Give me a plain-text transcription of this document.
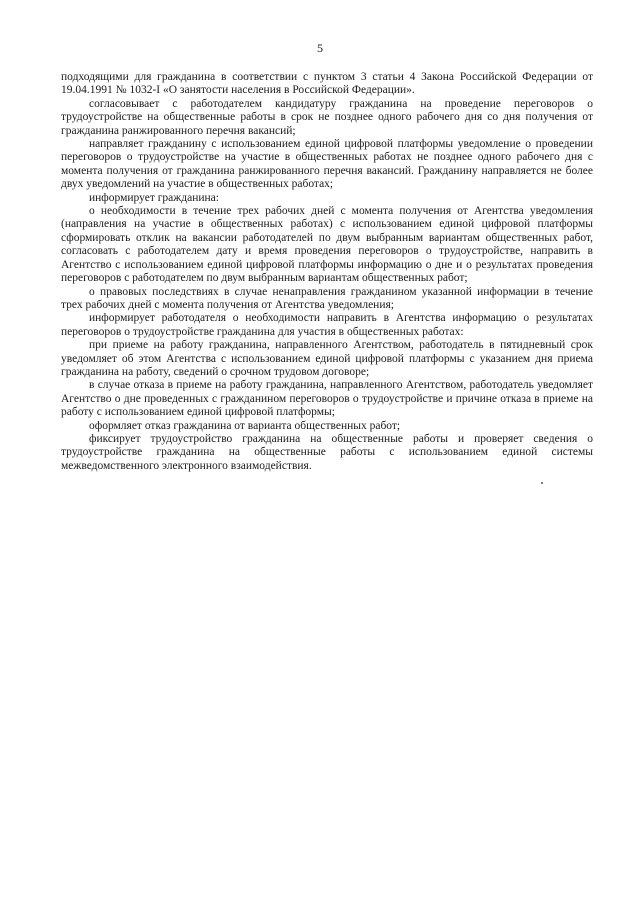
5

подходящими для гражданина в соответствии с пунктом 3 статьи 4 Закона Российской Федерации от 19.04.1991 № 1032-I «О занятости населения в Российской Федерации».

согласовывает с работодателем кандидатуру гражданина на проведение переговоров о трудоустройстве на общественные работы в срок не позднее одного рабочего дня со дня получения от гражданина ранжированного перечня вакансий;

направляет гражданину с использованием единой цифровой платформы уведомление о проведении переговоров о трудоустройстве на участие в общественных работах не позднее одного рабочего дня с момента получения от гражданина ранжированного перечня вакансий. Гражданину направляется не более двух уведомлений на участие в общественных работах;

информирует гражданина:

о необходимости в течение трех рабочих дней с момента получения от Агентства уведомления (направления на участие в общественных работах) с использованием единой цифровой платформы сформировать отклик на вакансии работодателей по двум выбранным вариантам общественных работ, согласовать с работодателем дату и время проведения переговоров о трудоустройстве, направить в Агентство с использованием единой цифровой платформы информацию о дне и о результатах проведения переговоров с работодателем по двум выбранным вариантам общественных работ;

о правовых последствиях в случае ненаправления гражданином указанной информации в течение трех рабочих дней с момента получения от Агентства уведомления;

информирует работодателя о необходимости направить в Агентства информацию о результатах переговоров о трудоустройстве гражданина для участия в общественных работах:

при приеме на работу гражданина, направленного Агентством, работодатель в пятидневный срок уведомляет об этом Агентства с использованием единой цифровой платформы с указанием дня приема гражданина на работу, сведений о срочном трудовом договоре;

в случае отказа в приеме на работу гражданина, направленного Агентством, работодатель уведомляет Агентство о дне проведенных с гражданином переговоров о трудоустройстве и причине отказа в приеме на работу с использованием единой цифровой платформы;

оформляет отказ гражданина от варианта общественных работ;

фиксирует трудоустройство гражданина на общественные работы и проверяет сведения о трудоустройстве гражданина на общественные работы с использованием единой системы межведомственного электронного взаимодействия.
